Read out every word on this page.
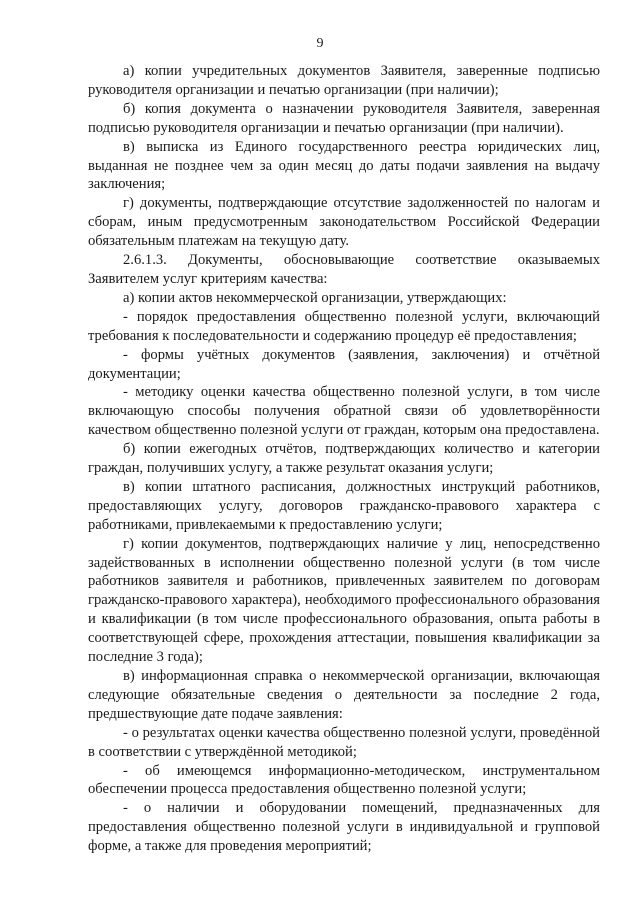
9

а) копии учредительных документов Заявителя, заверенные подписью руководителя организации и печатью организации (при наличии);

б) копия документа о назначении руководителя Заявителя, заверенная подписью руководителя организации и печатью организации (при наличии).

в) выписка из Единого государственного реестра юридических лиц, выданная не позднее чем за один месяц до даты подачи заявления на выдачу заключения;

г) документы, подтверждающие отсутствие задолженностей по налогам и сборам, иным предусмотренным законодательством Российской Федерации обязательным платежам на текущую дату.

2.6.1.3. Документы, обосновывающие соответствие оказываемых Заявителем услуг критериям качества:

а) копии актов некоммерческой организации, утверждающих:

- порядок предоставления общественно полезной услуги, включающий требования к последовательности и содержанию процедур её предоставления;

- формы учётных документов (заявления, заключения) и отчётной документации;

- методику оценки качества общественно полезной услуги, в том числе включающую способы получения обратной связи об удовлетворённости качеством общественно полезной услуги от граждан, которым она предоставлена.

б) копии ежегодных отчётов, подтверждающих количество и категории граждан, получивших услугу, а также результат оказания услуги;

в) копии штатного расписания, должностных инструкций работников, предоставляющих услугу, договоров гражданско-правового характера с работниками, привлекаемыми к предоставлению услуги;

г) копии документов, подтверждающих наличие у лиц, непосредственно задействованных в исполнении общественно полезной услуги (в том числе работников заявителя и работников, привлеченных заявителем по договорам гражданско-правового характера), необходимого профессионального образования и квалификации (в том числе профессионального образования, опыта работы в соответствующей сфере, прохождения аттестации, повышения квалификации за последние 3 года);

в) информационная справка о некоммерческой организации, включающая следующие обязательные сведения о деятельности за последние 2 года, предшествующие дате подаче заявления:

- о результатах оценки качества общественно полезной услуги, проведённой в соответствии с утверждённой методикой;

- об имеющемся информационно-методическом, инструментальном обеспечении процесса предоставления общественно полезной услуги;

- о наличии и оборудовании помещений, предназначенных для предоставления общественно полезной услуги в индивидуальной и групповой форме, а также для проведения мероприятий;
